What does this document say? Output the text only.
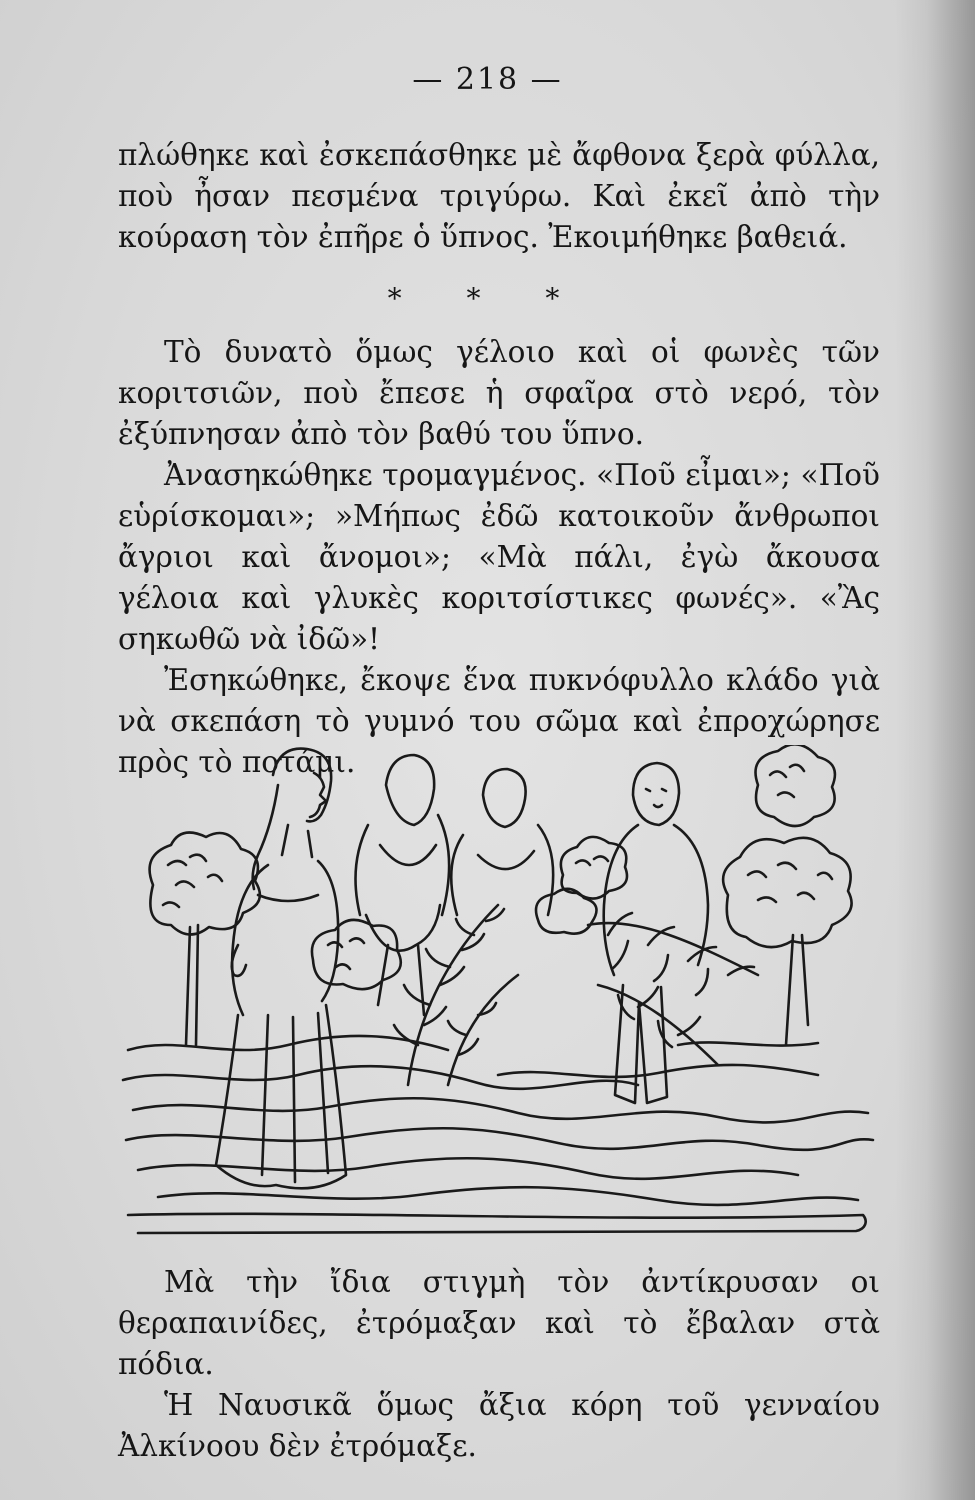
— 218 —

πλώθηκε καὶ ἐσκεπάσθηκε μὲ ἄφθονα ξερὰ φύλλα, ποὺ ἦσαν πεσμένα τριγύρω. Καὶ ἐκεῖ ἀπὸ τὴν κούραση τὸν ἐπῆρε ὁ ὕπνος. Ἐκοιμήθηκε βαθειά.

* * *

Τὸ δυνατὸ ὅμως γέλοιο καὶ οἱ φωνὲς τῶν κοριτσιῶν, ποὺ ἔπεσε ἡ σφαῖρα στὸ νερό, τὸν ἐξύπνησαν ἀπὸ τὸν βαθύ του ὕπνο.

Ἀνασηκώθηκε τρομαγμένος. «Ποῦ εἶμαι»; «Ποῦ εὑρίσκομαι»; »Μήπως ἐδῶ κατοικοῦν ἄνθρωποι ἄγριοι καὶ ἄνομοι»; «Μὰ πάλι, ἐγὼ ἄκουσα γέλοια καὶ γλυκὲς κοριτσίστικες φωνές». «Ἂς σηκωθῶ νὰ ἰδῶ»!

Ἐσηκώθηκε, ἔκοψε ἕνα πυκνόφυλλο κλάδο γιὰ νὰ σκεπάση τὸ γυμνό του σῶμα καὶ ἐπροχώρησε πρὸς τὸ ποτάμι.

Μὰ τὴν ἴδια στιγμὴ τὸν ἀντίκρυσαν οι θεραπαινίδες, ἐτρόμαξαν καὶ τὸ ἔβαλαν στὰ πόδια.

Ἡ Ναυσικᾶ ὅμως ἄξια κόρη τοῦ γενναίου Ἀλκίνοου δὲν ἐτρόμαξε.
